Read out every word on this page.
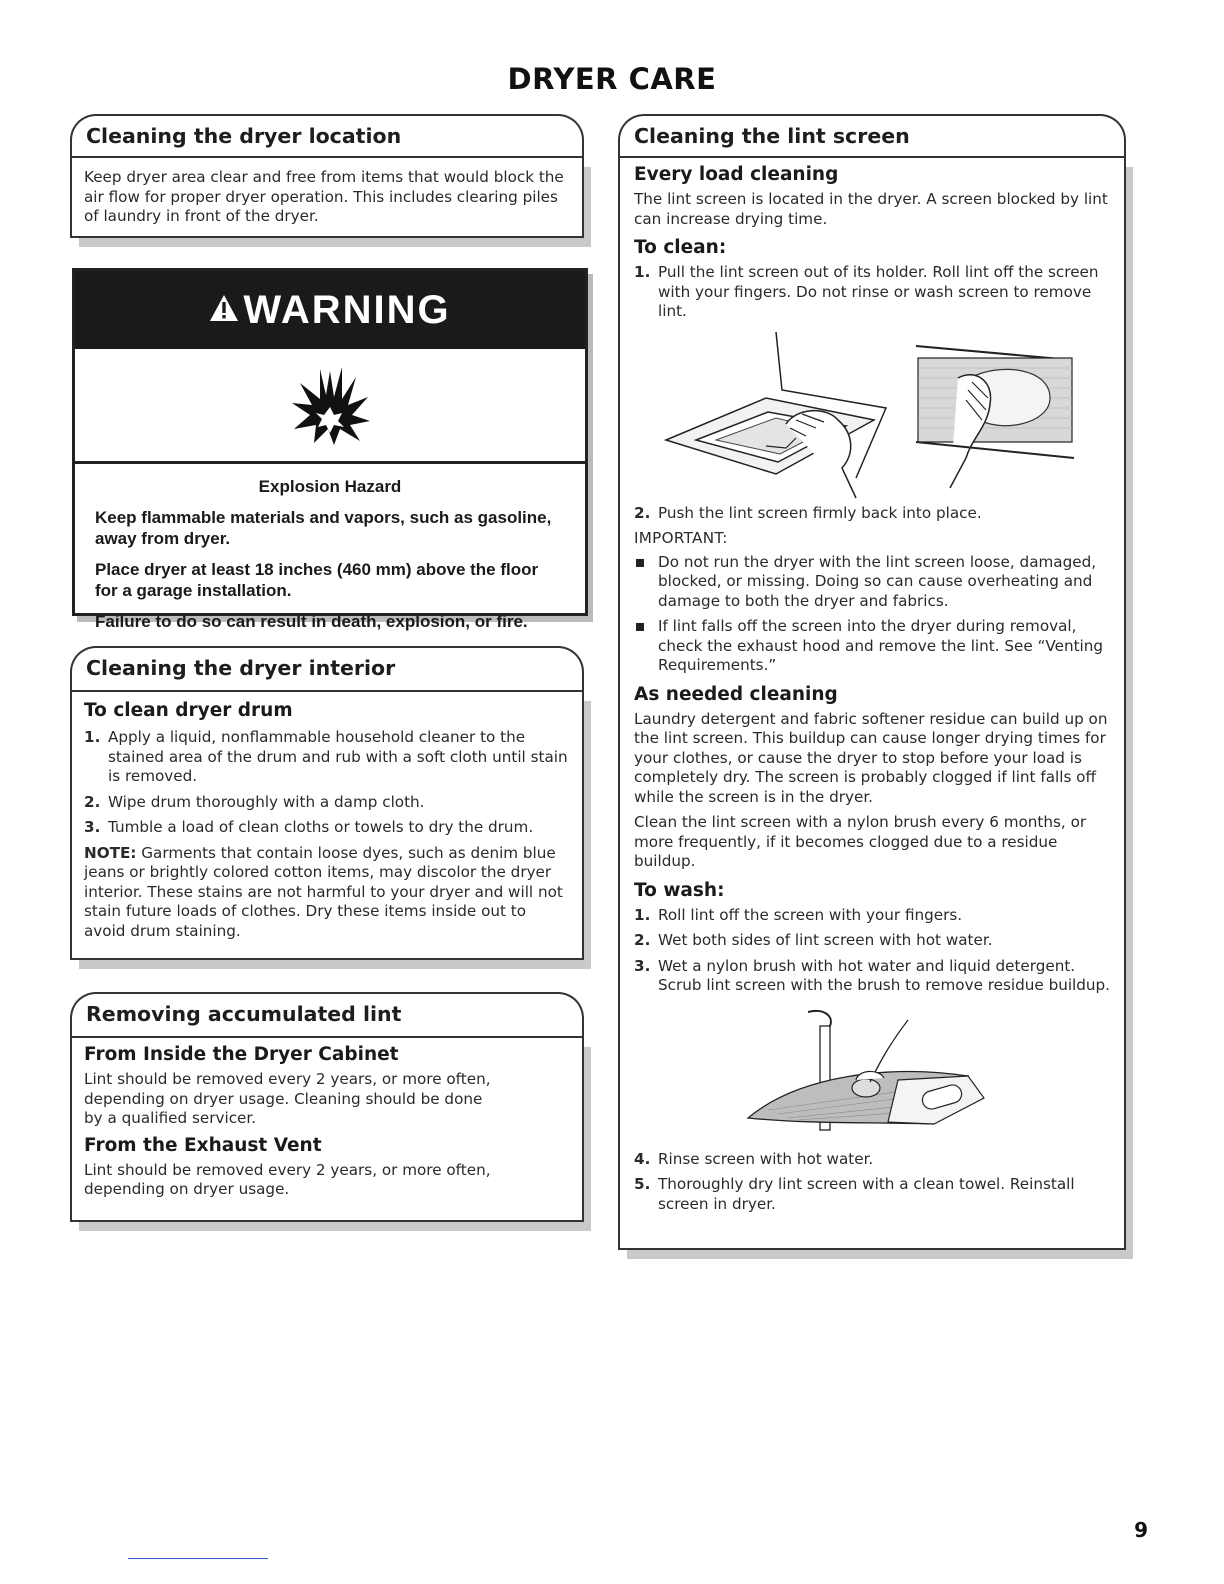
DRYER CARE
Cleaning the dryer location
Keep dryer area clear and free from items that would block the air flow for proper dryer operation. This includes clearing piles of laundry in front of the dryer.
WARNING

Explosion Hazard

Keep flammable materials and vapors, such as gasoline, away from dryer.

Place dryer at least 18 inches (460 mm) above the floor for a garage installation.

Failure to do so can result in death, explosion, or fire.

Cleaning the dryer interior
To clean dryer drum
1. Apply a liquid, nonflammable household cleaner to the stained area of the drum and rub with a soft cloth until stain is removed.
2. Wipe drum thoroughly with a damp cloth.
3. Tumble a load of clean cloths or towels to dry the drum.
NOTE: Garments that contain loose dyes, such as denim blue jeans or brightly colored cotton items, may discolor the dryer interior. These stains are not harmful to your dryer and will not stain future loads of clothes. Dry these items inside out to avoid drum staining.
Removing accumulated lint
From Inside the Dryer Cabinet
Lint should be removed every 2 years, or more often, depending on dryer usage. Cleaning should be done by a qualified servicer.
From the Exhaust Vent
Lint should be removed every 2 years, or more often, depending on dryer usage.
Cleaning the lint screen
Every load cleaning
The lint screen is located in the dryer. A screen blocked by lint can increase drying time.
To clean:
1. Pull the lint screen out of its holder. Roll lint off the screen with your fingers. Do not rinse or wash screen to remove lint.
2. Push the lint screen firmly back into place.
IMPORTANT:
Do not run the dryer with the lint screen loose, damaged, blocked, or missing. Doing so can cause overheating and damage to both the dryer and fabrics.
If lint falls off the screen into the dryer during removal, check the exhaust hood and remove the lint. See “Venting Requirements.”
As needed cleaning
Laundry detergent and fabric softener residue can build up on the lint screen. This buildup can cause longer drying times for your clothes, or cause the dryer to stop before your load is completely dry. The screen is probably clogged if lint falls off while the screen is in the dryer.
Clean the lint screen with a nylon brush every 6 months, or more frequently, if it becomes clogged due to a residue buildup.
To wash:
1. Roll lint off the screen with your fingers.
2. Wet both sides of lint screen with hot water.
3. Wet a nylon brush with hot water and liquid detergent. Scrub lint screen with the brush to remove residue buildup.
4. Rinse screen with hot water.
5. Thoroughly dry lint screen with a clean towel. Reinstall screen in dryer.
9
